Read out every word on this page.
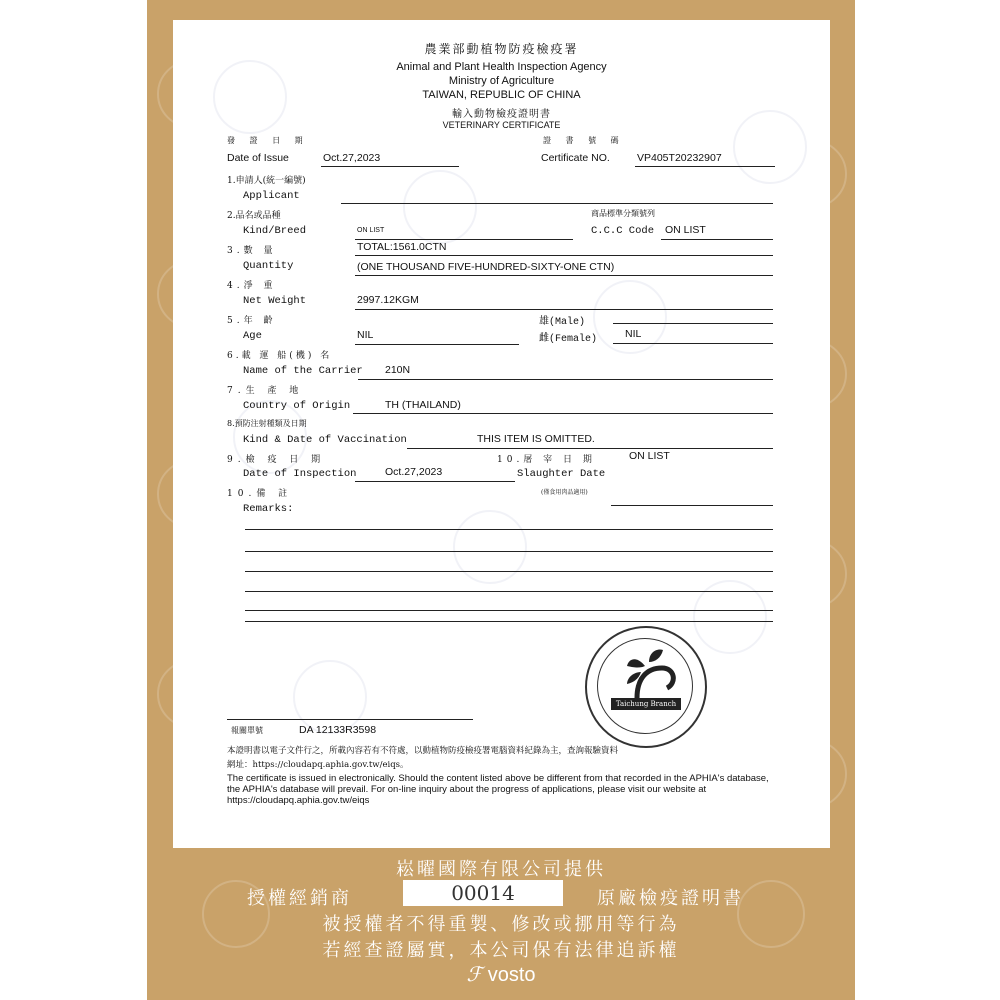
崧曜國際有限公司提供
授權經銷商	原廠檢疫證明書
被授權者不得重製、修改或挪用等行為
若經查證屬實，本公司保有法律追訴權
ℱ vosto
00014
農業部動植物防疫檢疫署
Animal and Plant Health Inspection Agency
Ministry of Agriculture
TAIWAN, REPUBLIC OF CHINA
輸入動物檢疫證明書
VETERINARY CERTIFICATE
發 證 日 期
Date of Issue	Oct.27,2023
證 書 號 碼
Certificate NO.	VP405T20232907
1.申請人(統一編號)
Applicant
2.品名或品種
Kind/Breed	ON LIST
商品標準分類號列
C.C.C Code ON LIST
3.數 量
Quantity
TOTAL:1561.0CTN
(ONE THOUSAND FIVE-HUNDRED-SIXTY-ONE CTN)
4.淨 重
Net Weight	2997.12KGM
5.年 齡
Age	NIL
雄(Male)
雌(Female)	NIL
6.載 運 船(機) 名
Name of the Carrier 210N
7.生 產 地
Country of Origin	TH (THAILAND)
8.預防注射種類及日期
Kind & Date of Vaccination	THIS ITEM IS OMITTED.
9.檢 疫 日 期
Date of Inspection	Oct.27,2023
10.屠 宰 日 期	ON LIST
Slaughter Date
(僅食用肉品適用)
10.備 註
Remarks:
Taichung Branch
報關單號	DA 12133R3598
本證明書以電子文件行之，所載內容若有不符處，以動植物防疫檢疫署電腦資料紀錄為主，查詢報驗資料
網址：https://cloudapq.aphia.gov.tw/eiqs。
The certificate is issued in electronically. Should the content listed above be different from that recorded in the APHIA's database, the APHIA's database will prevail. For on-line inquiry about the progress of applications, please visit our website at https://cloudapq.aphia.gov.tw/eiqs
